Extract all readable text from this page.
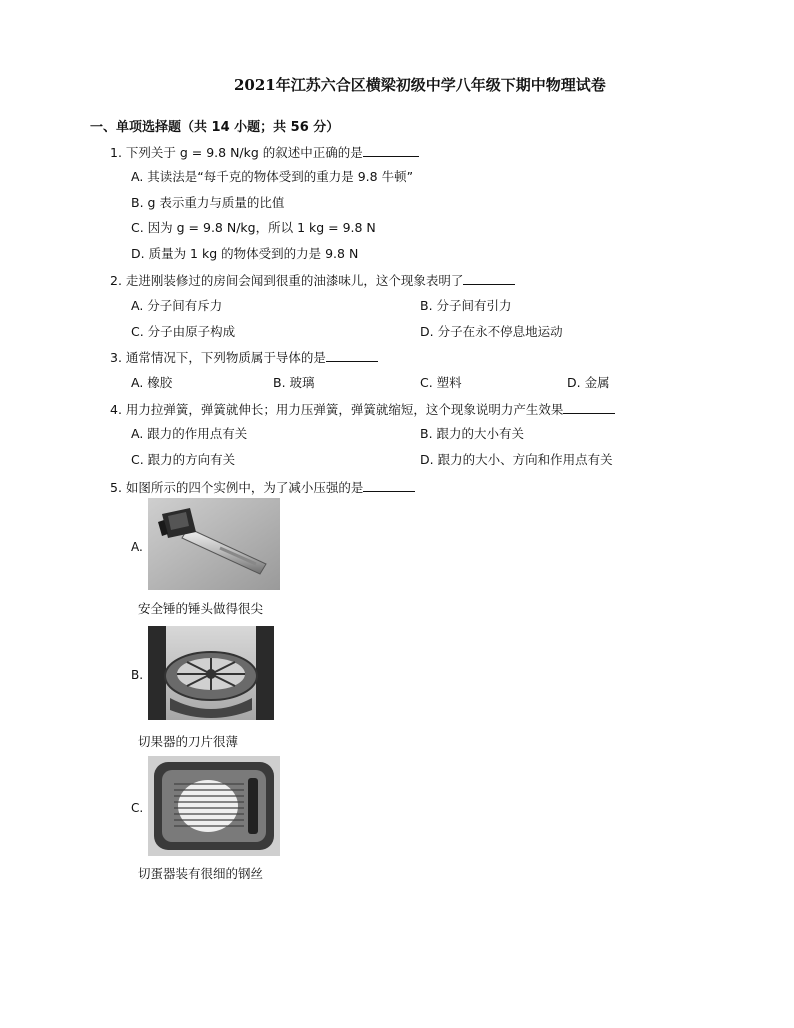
2021年江苏六合区横梁初级中学八年级下期中物理试卷
一、单项选择题（共 14 小题；共 56 分）
1. 下列关于 g = 9.8 N/kg 的叙述中正确的是
A. 其读法是“每千克的物体受到的重力是 9.8 牛顿”
B. g 表示重力与质量的比值
C. 因为 g = 9.8 N/kg，所以 1 kg = 9.8 N
D. 质量为 1 kg 的物体受到的力是 9.8 N
2. 走进刚装修过的房间会闻到很重的油漆味儿，这个现象表明了
A. 分子间有斥力	B. 分子间有引力
C. 分子由原子构成	D. 分子在永不停息地运动
3. 通常情况下，下列物质属于导体的是
A. 橡胶	B. 玻璃	C. 塑料	D. 金属
4. 用力拉弹簧，弹簧就伸长；用力压弹簧，弹簧就缩短，这个现象说明力产生效果
A. 跟力的作用点有关	B. 跟力的大小有关
C. 跟力的方向有关	D. 跟力的大小、方向和作用点有关
5. 如图所示的四个实例中，为了减小压强的是
A.
安全锤的锤头做得很尖
B.
切果器的刀片很薄
C.
切蛋器装有很细的钢丝
